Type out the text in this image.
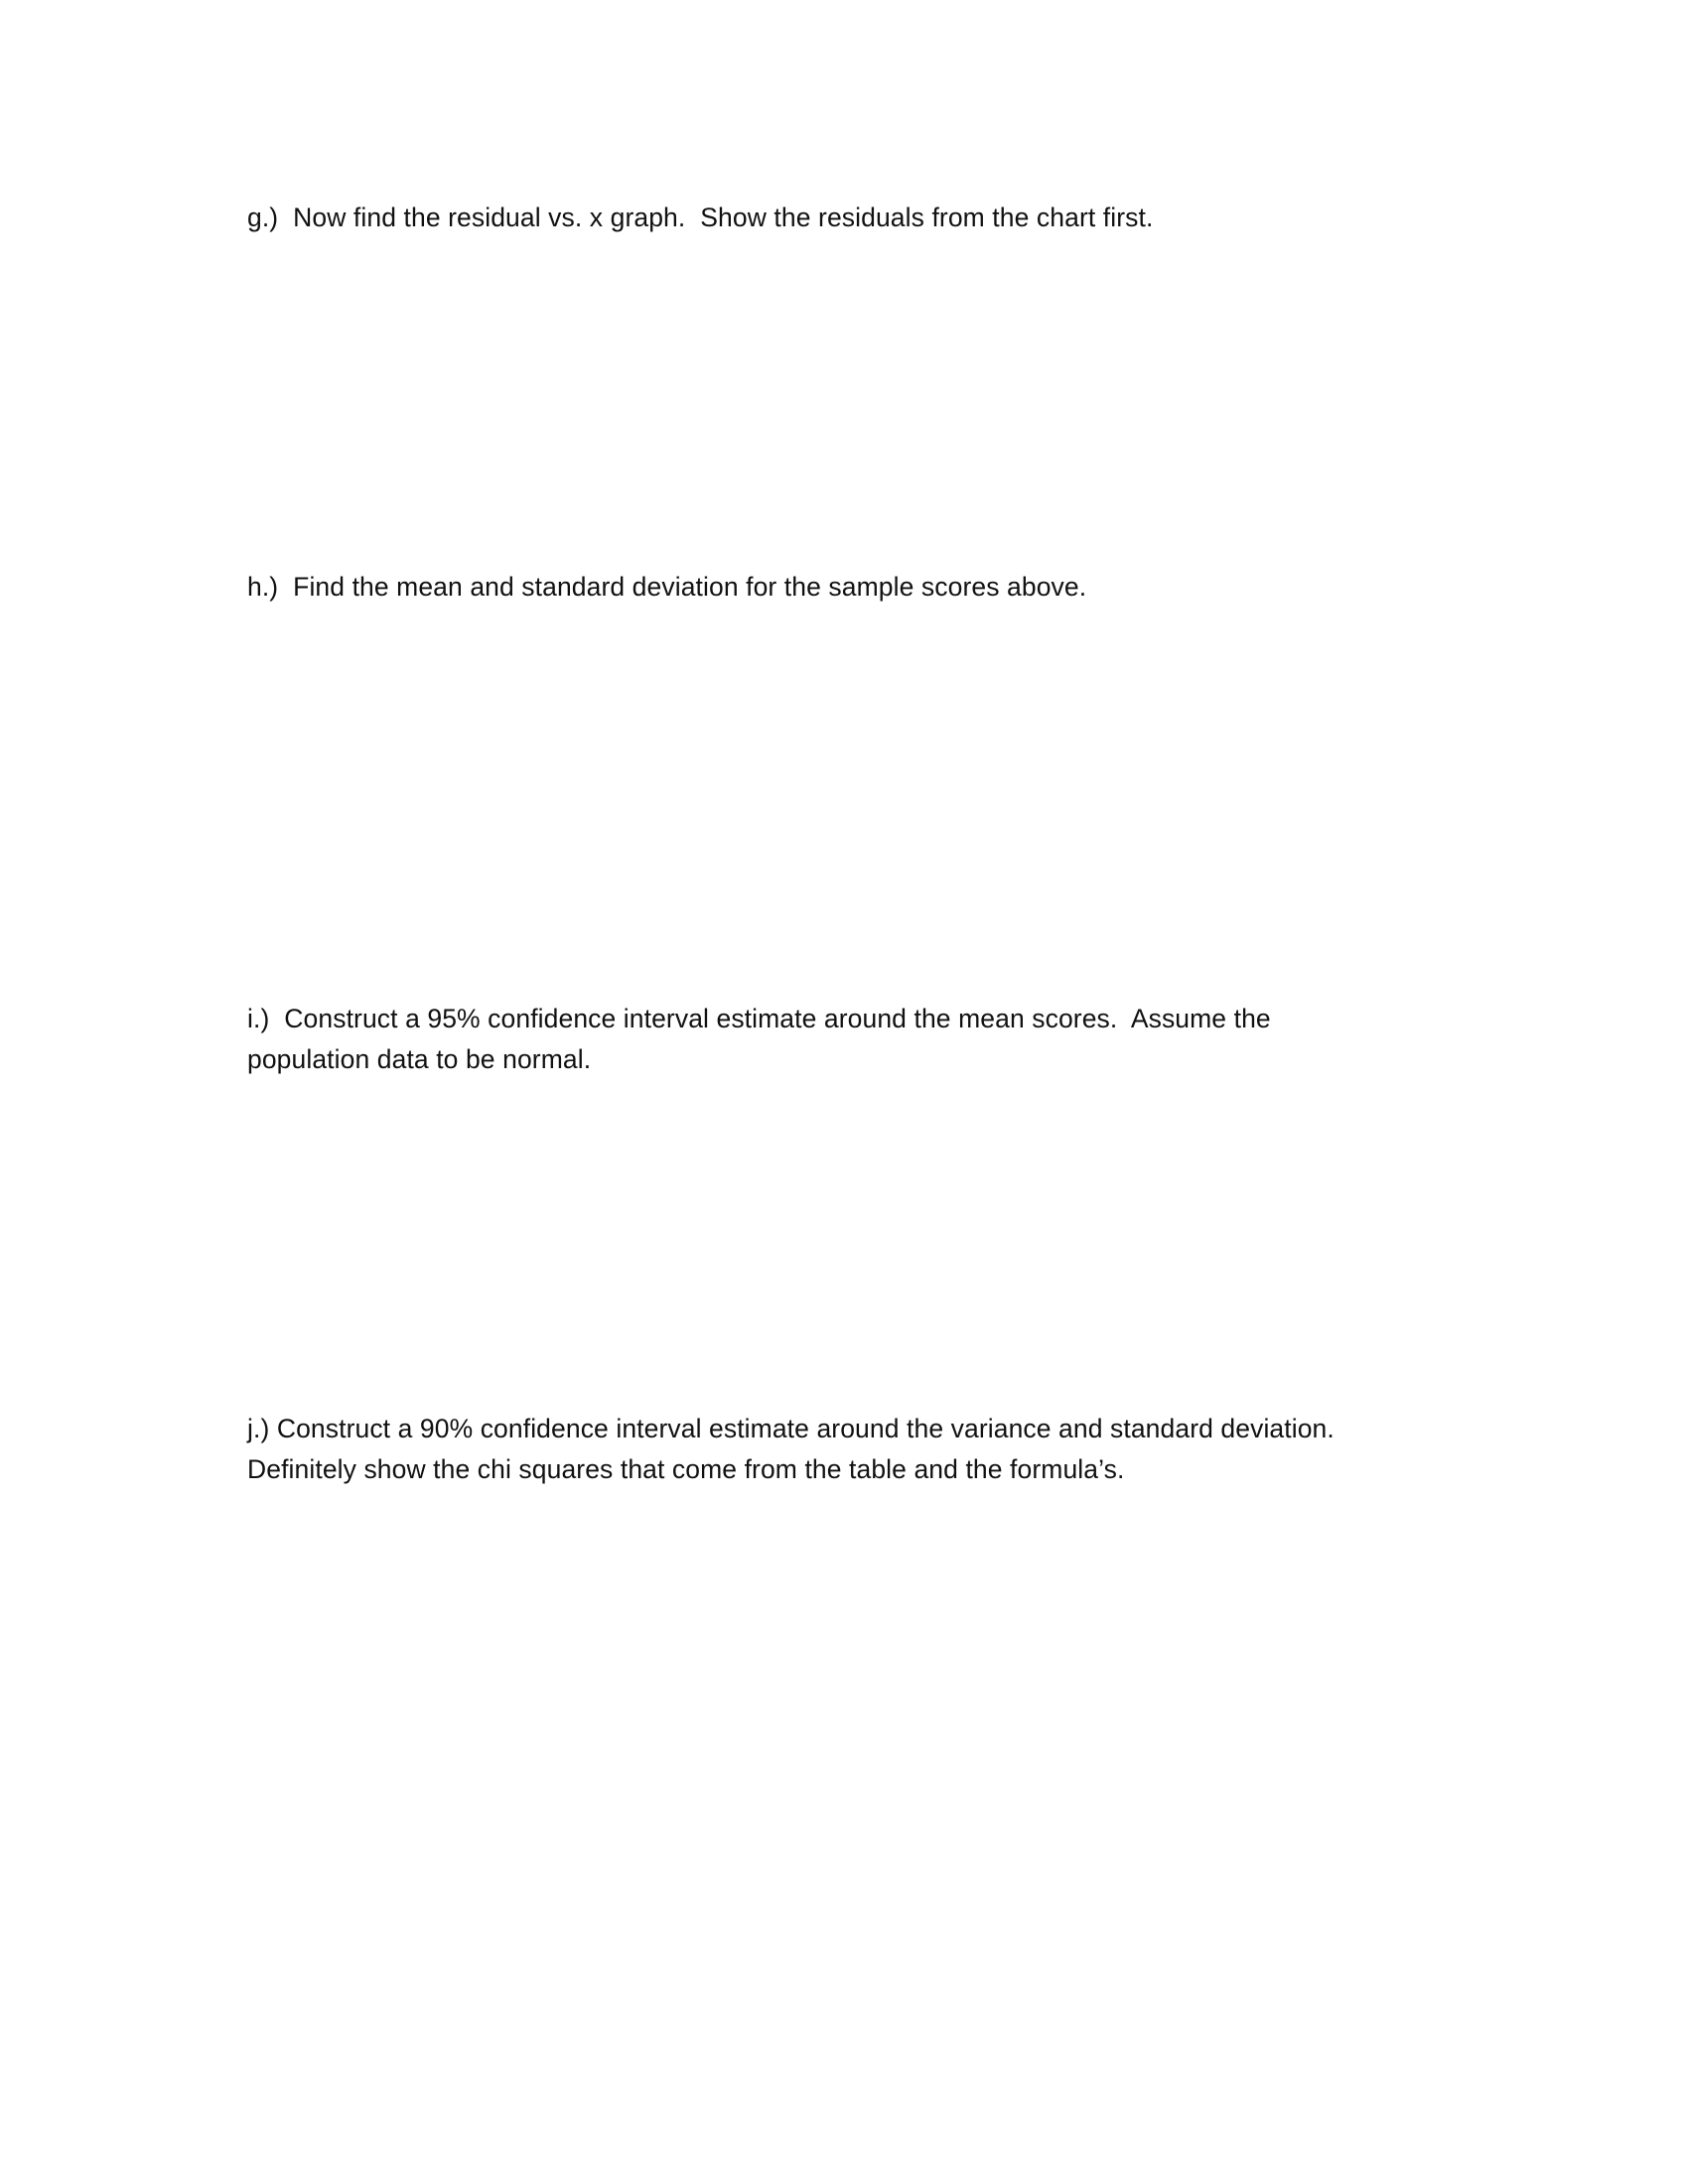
g.)  Now find the residual vs. x graph.  Show the residuals from the chart first.

h.)  Find the mean and standard deviation for the sample scores above.

i.)  Construct a 95% confidence interval estimate around the mean scores.  Assume the

population data to be normal.

j.) Construct a 90% confidence interval estimate around the variance and standard deviation.

Definitely show the chi squares that come from the table and the formula’s.
